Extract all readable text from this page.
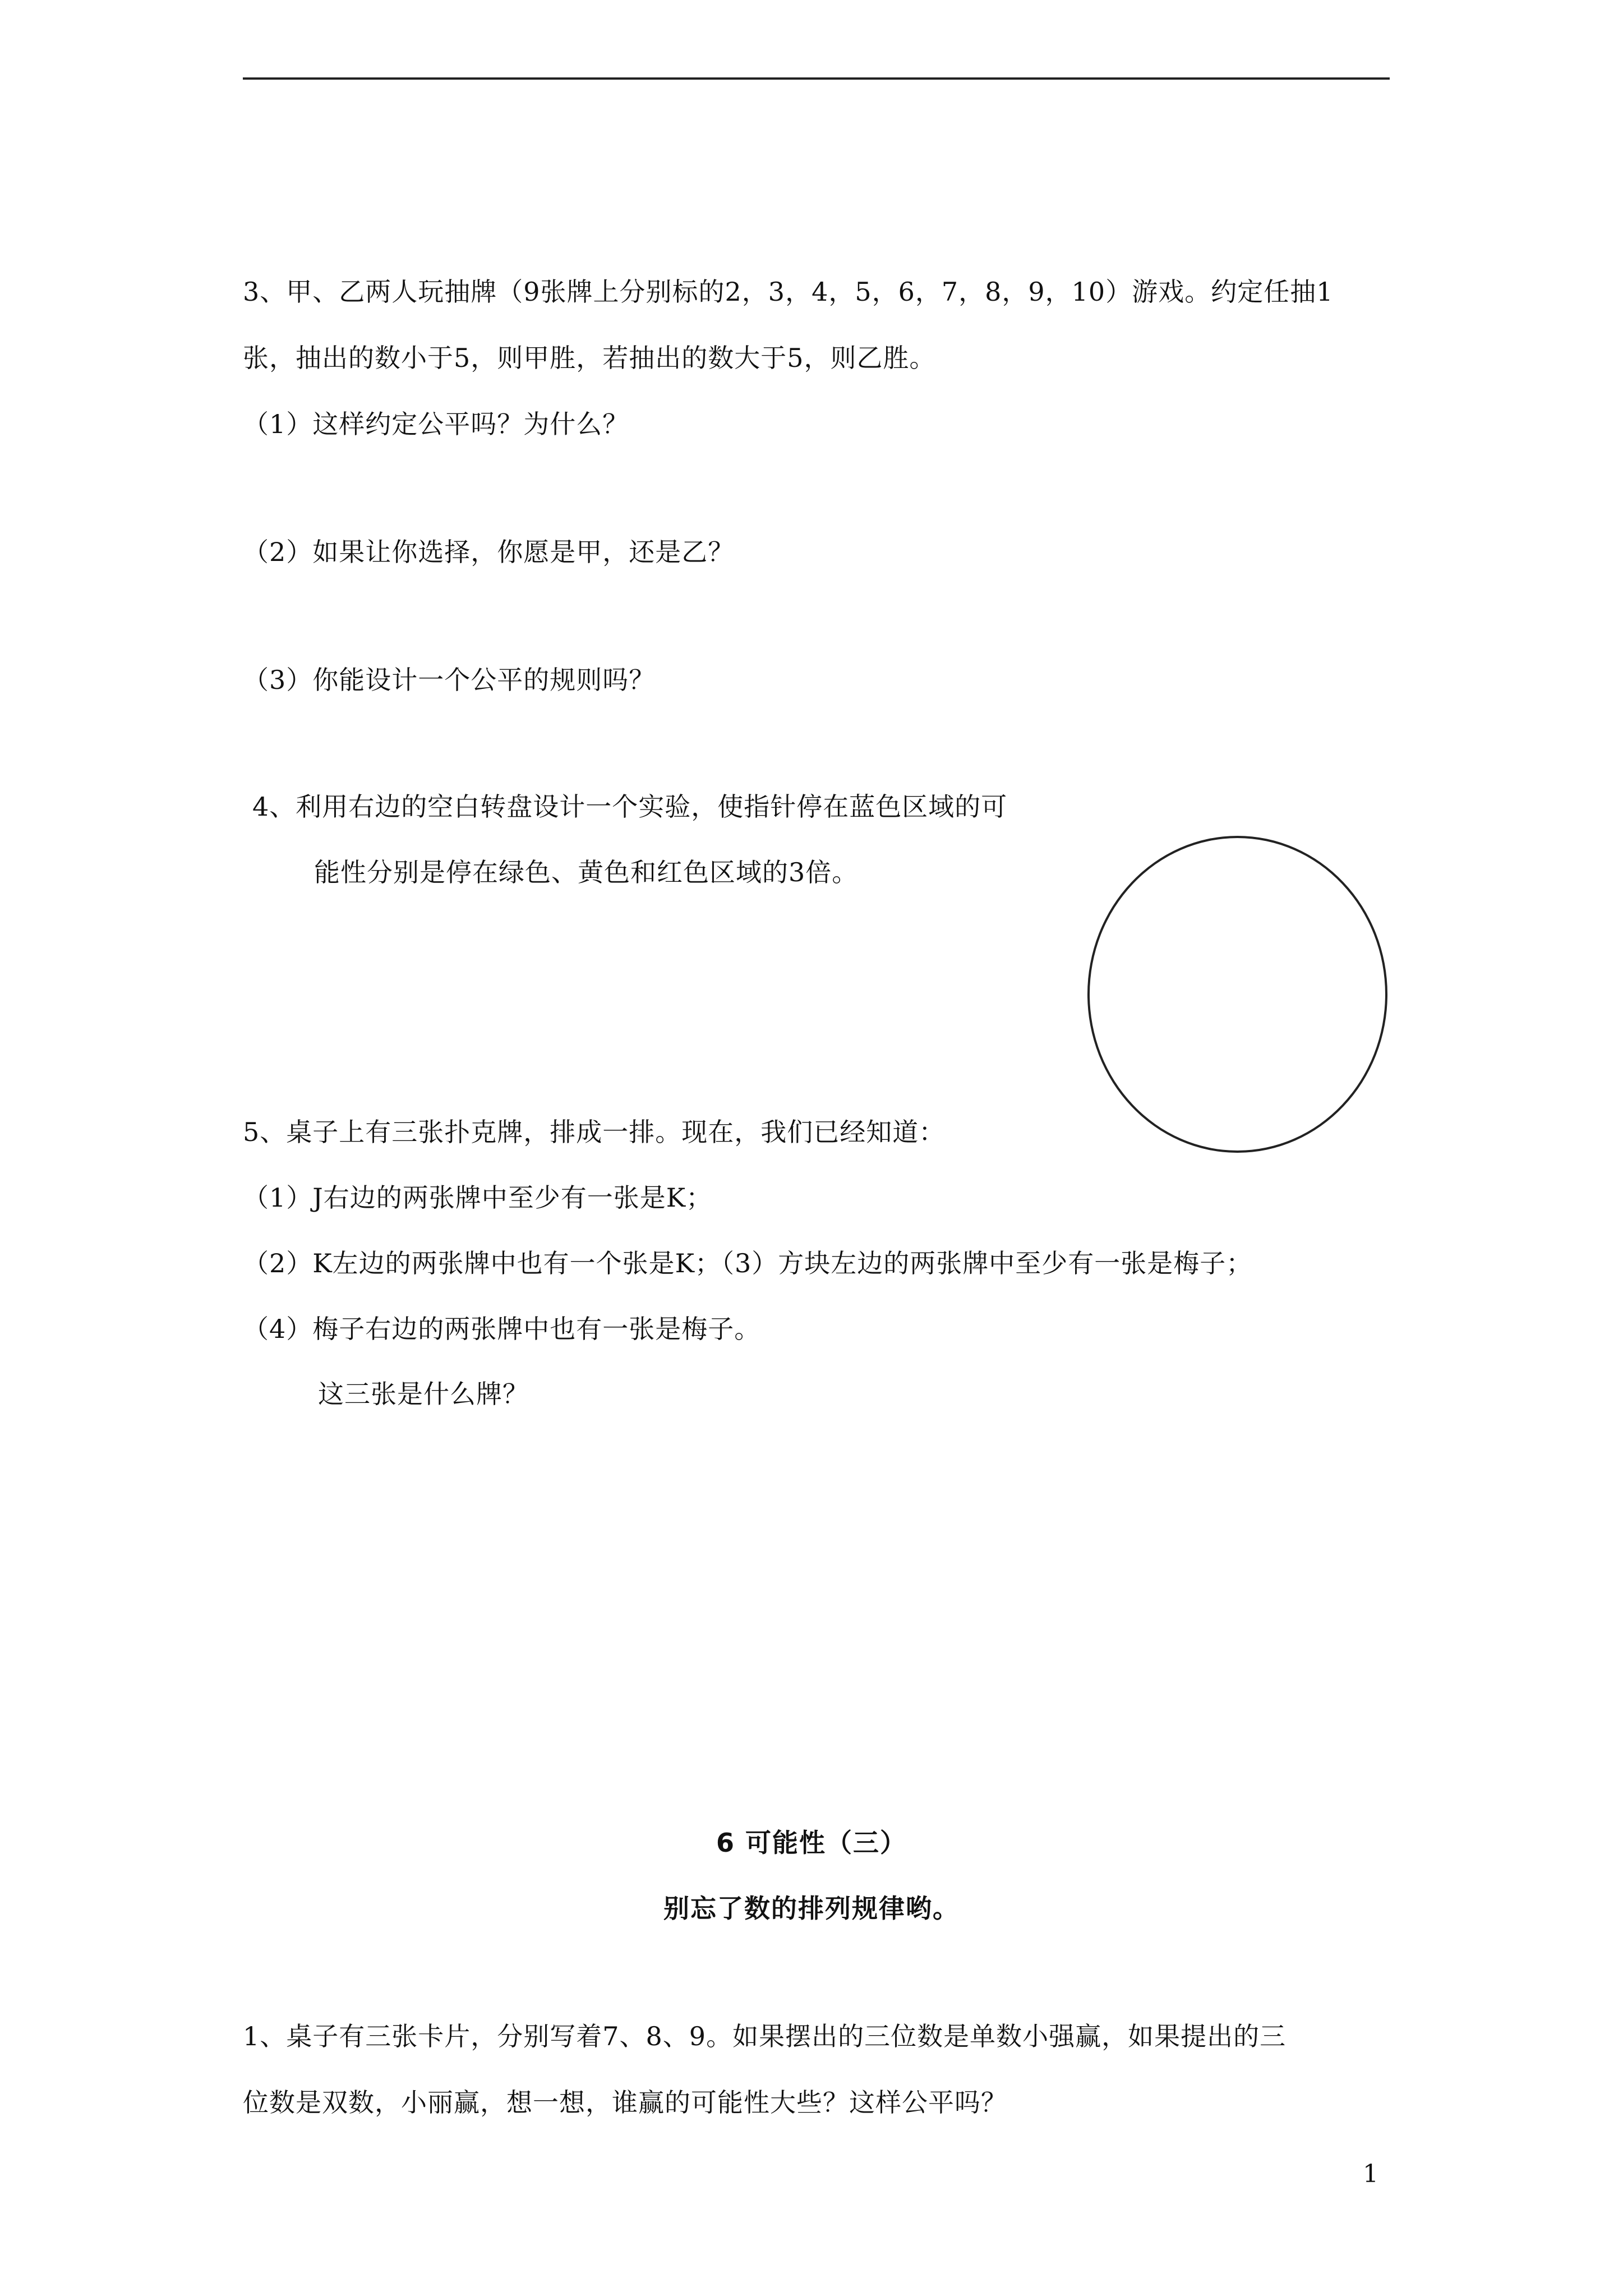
3、甲、乙两人玩抽牌（9张牌上分别标的2，3，4，5，6，7，8，9，10）游戏。约定任抽1
张，抽出的数小于5，则甲胜，若抽出的数大于5，则乙胜。
（1）这样约定公平吗？为什么？
（2）如果让你选择，你愿是甲，还是乙？
（3）你能设计一个公平的规则吗？
4、利用右边的空白转盘设计一个实验，使指针停在蓝色区域的可
能性分别是停在绿色、黄色和红色区域的3倍。
5、桌子上有三张扑克牌，排成一排。现在，我们已经知道：
（1）J右边的两张牌中至少有一张是K；
（2）K左边的两张牌中也有一个张是K；（3）方块左边的两张牌中至少有一张是梅子；
（4）梅子右边的两张牌中也有一张是梅子。
这三张是什么牌？
6 可能性（三）
别忘了数的排列规律哟。
1、桌子有三张卡片，分别写着7、8、9。如果摆出的三位数是单数小强赢，如果提出的三
位数是双数，小丽赢，想一想，谁赢的可能性大些？这样公平吗？
1
